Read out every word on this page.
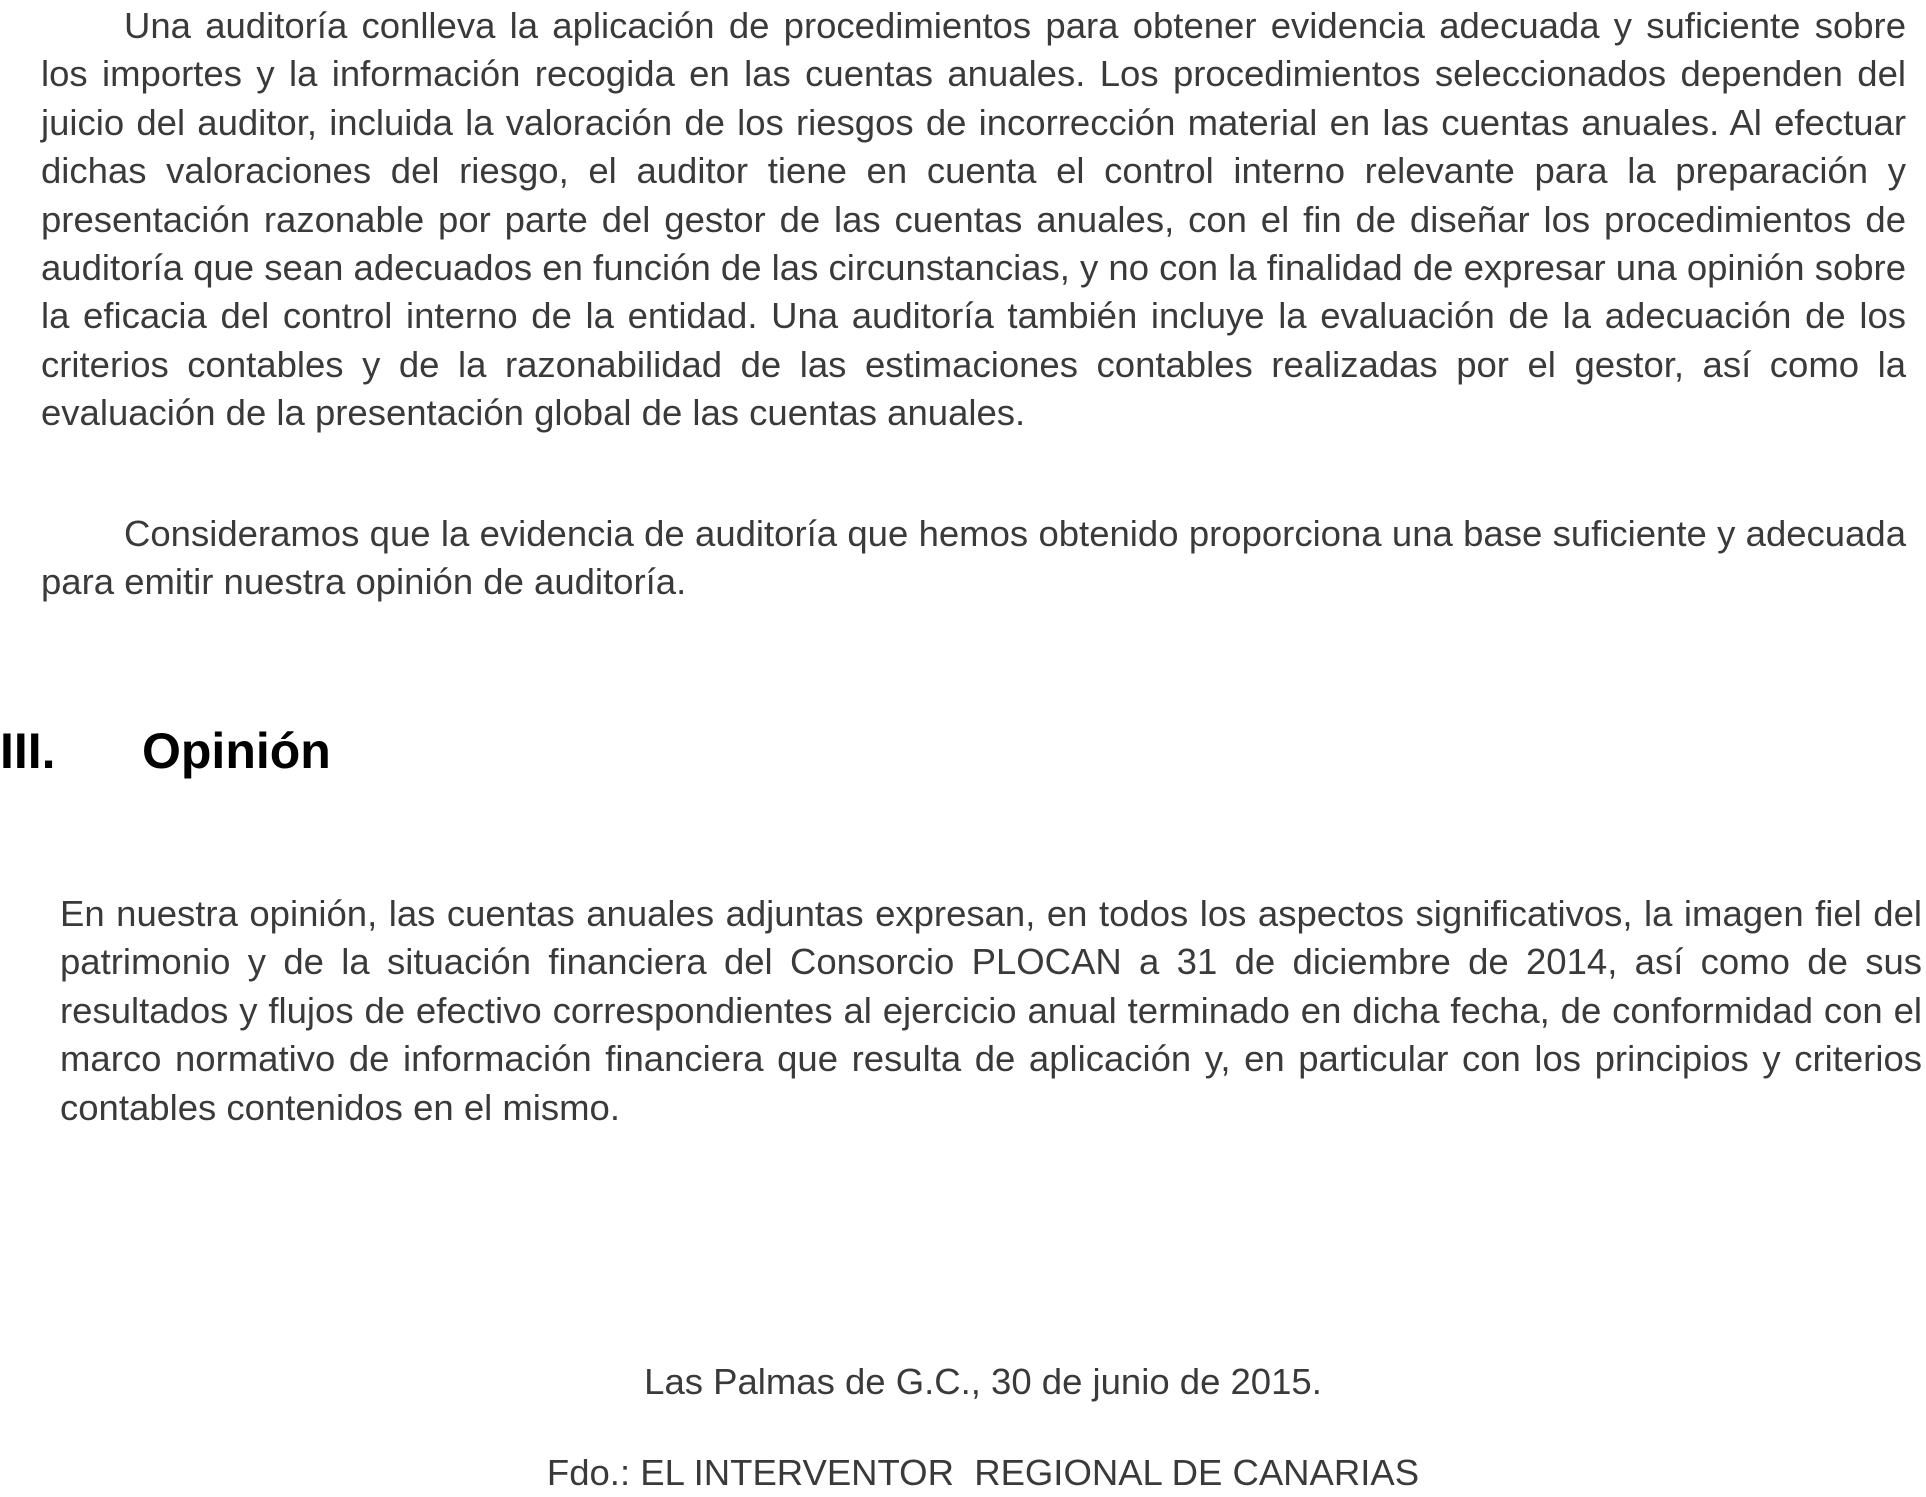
Una auditoría conlleva la aplicación de procedimientos para obtener evidencia adecuada y suficiente sobre los importes y la información recogida en las cuentas anuales. Los procedimientos seleccionados dependen del juicio del auditor, incluida la valoración de los riesgos de incorrección material en las cuentas anuales. Al efectuar dichas valoraciones del riesgo, el auditor tiene en cuenta el control interno relevante para la preparación y presentación razonable por parte del gestor de las cuentas anuales, con el fin de diseñar los procedimientos de auditoría que sean adecuados en función de las circunstancias, y no con la finalidad de expresar una opinión sobre la eficacia del control interno de la entidad. Una auditoría también incluye la evaluación de la adecuación de los criterios contables y de la razonabilidad de las estimaciones contables realizadas por el gestor, así como la evaluación de la presentación global de las cuentas anuales.

Consideramos que la evidencia de auditoría que hemos obtenido proporciona una base suficiente y adecuada para emitir nuestra opinión de auditoría.

III. Opinión

En nuestra opinión, las cuentas anuales adjuntas expresan, en todos los aspectos significativos, la imagen fiel del patrimonio y de la situación financiera del Consorcio PLOCAN a 31 de diciembre de 2014, así como de sus resultados y flujos de efectivo correspondientes al ejercicio anual terminado en dicha fecha, de conformidad con el marco normativo de información financiera que resulta de aplicación y, en particular con los principios y criterios contables contenidos en el mismo.

Las Palmas de G.C., 30 de junio de 2015.

Fdo.: EL INTERVENTOR  REGIONAL DE CANARIAS
